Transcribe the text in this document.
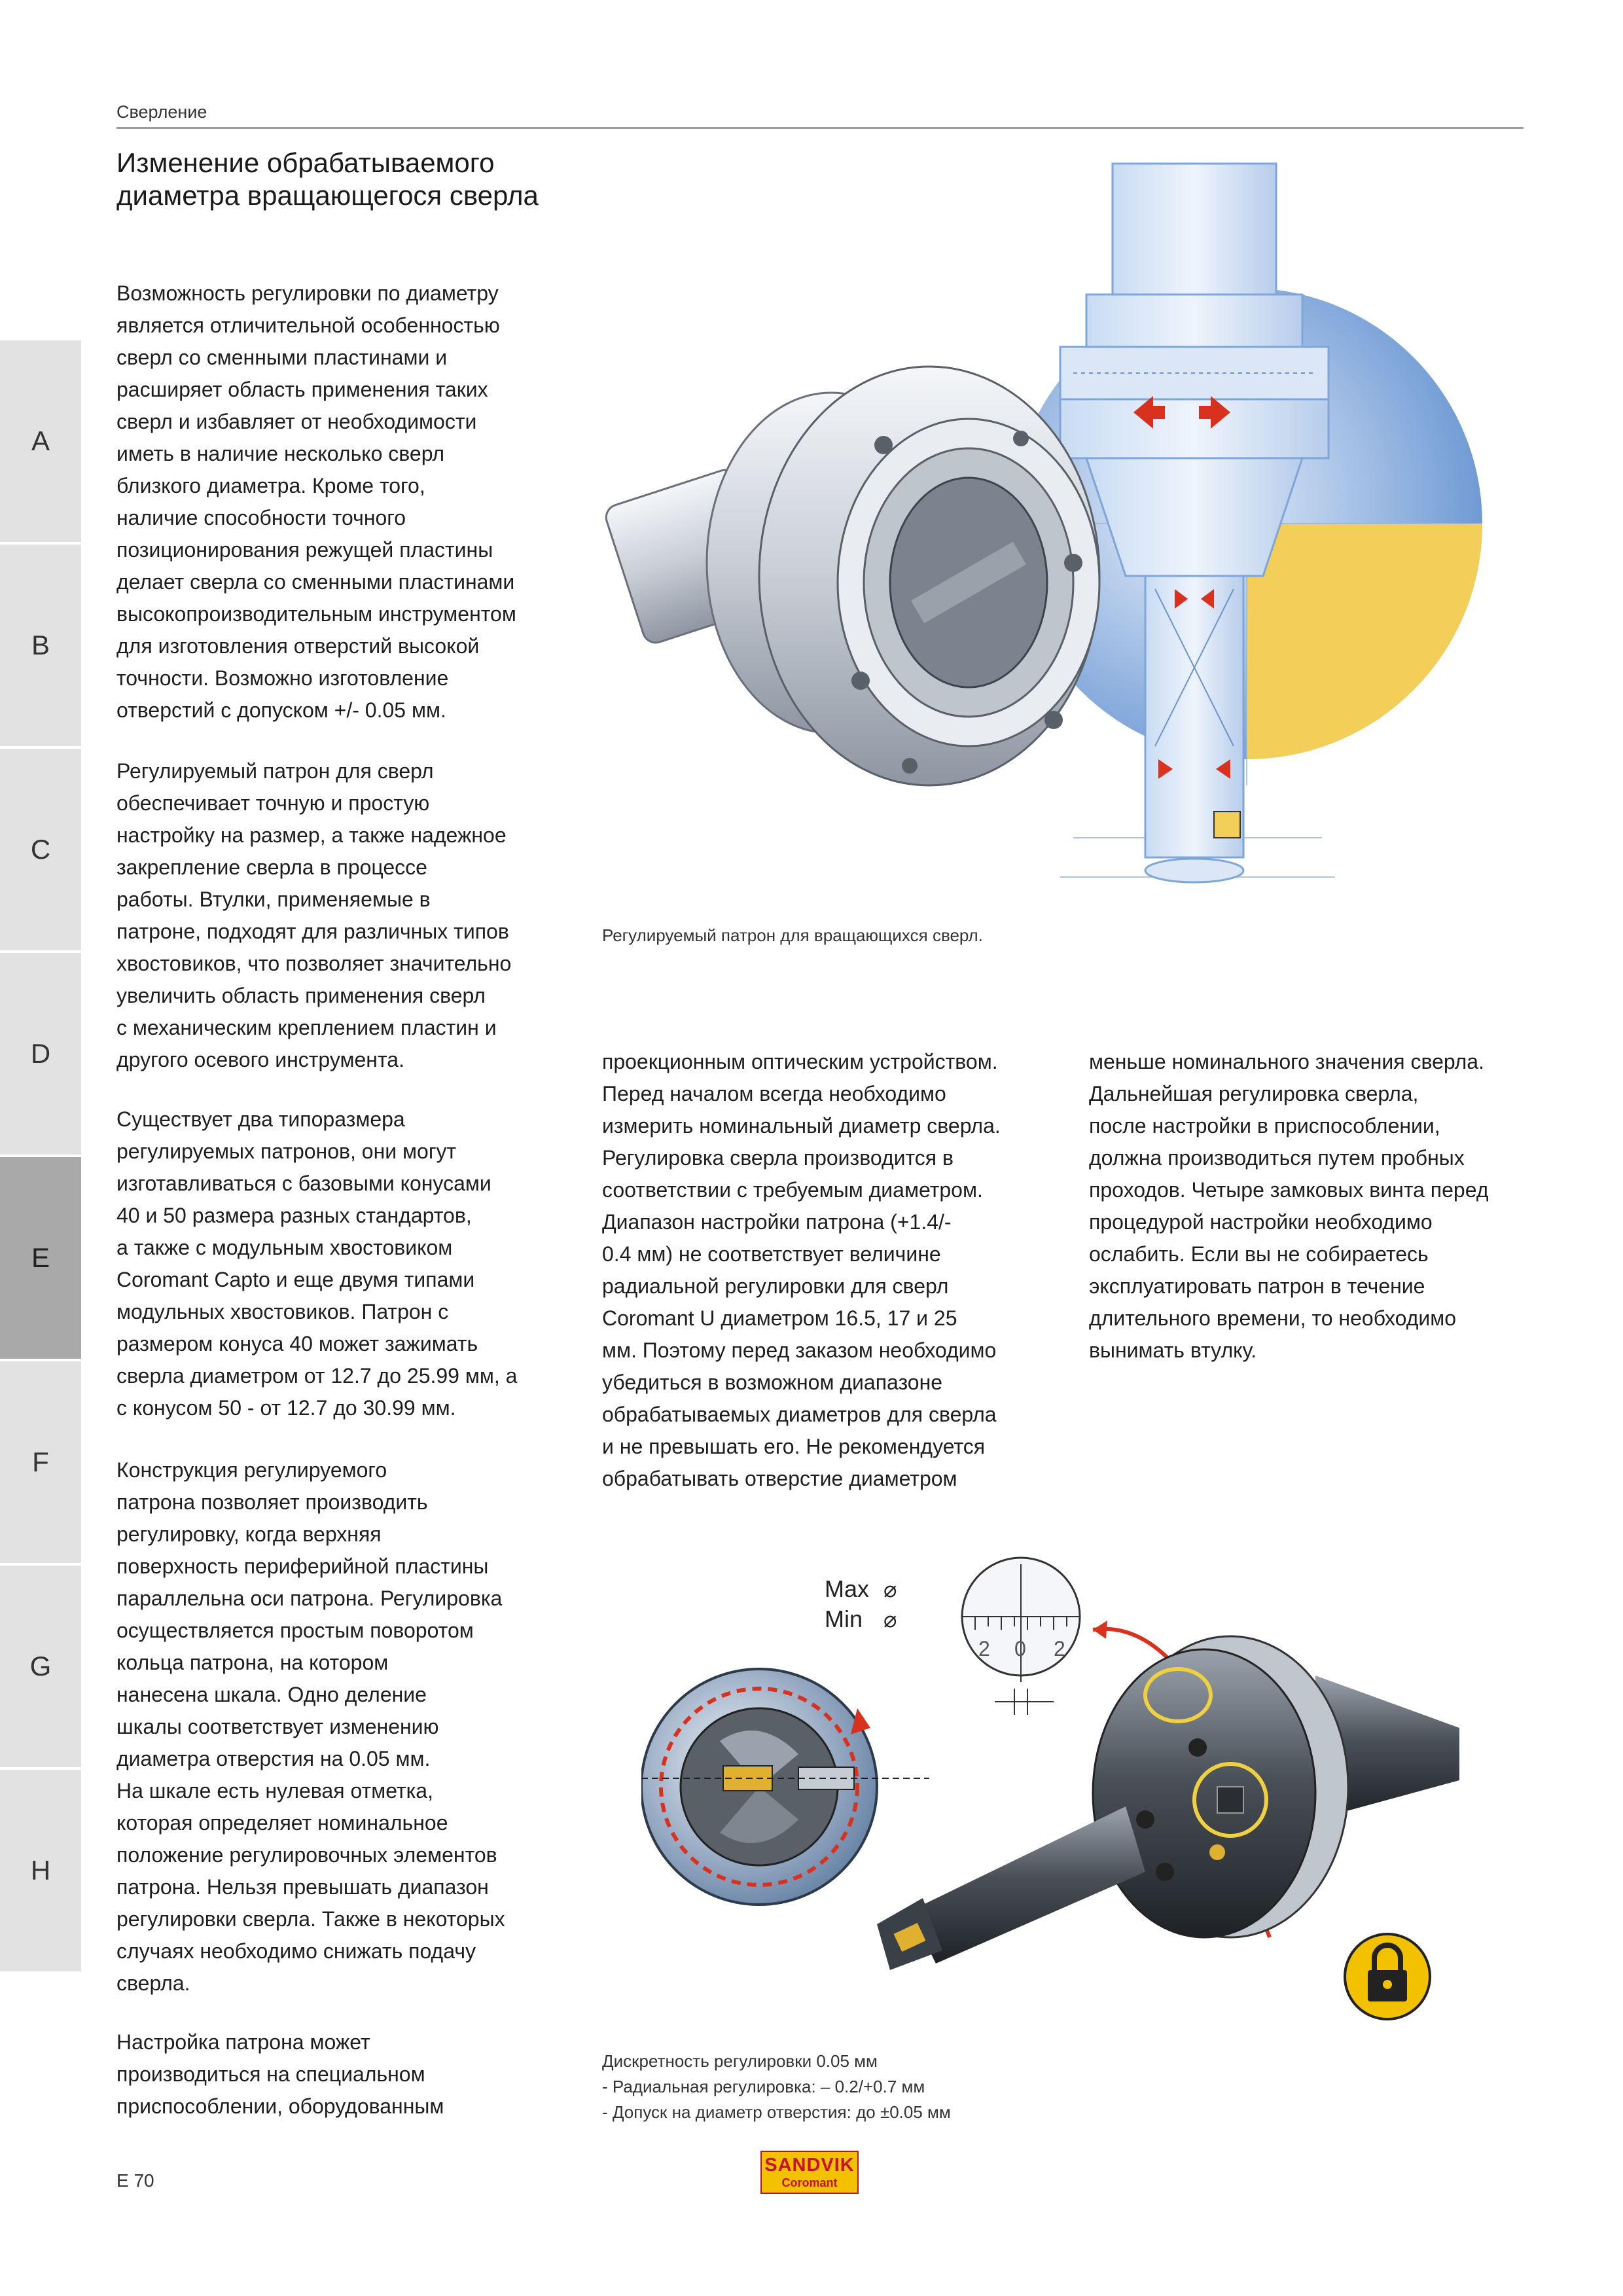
Сверление
Изменение обрабатываемого диаметра вращающегося сверла
A
B
C
D
E
F
G
H

Возможность регулировки по диаметру
является отличительной особенностью
сверл со сменными пластинами и
расширяет область применения таких
сверл и избавляет от необходимости
иметь в наличие несколько сверл
близкого диаметра. Кроме того,
наличие способности точного
позиционирования режущей пластины
делает сверла со сменными пластинами
высокопроизводительным инструментом
для изготовления отверстий высокой
точности. Возможно изготовление
отверстий с допуском +/- 0.05 мм.

Регулируемый патрон для сверл
обеспечивает точную и простую
настройку на размер, а также надежное
закрепление сверла в процессе
работы. Втулки, применяемые в
патроне, подходят для различных типов
хвостовиков, что позволяет значительно
увеличить область применения сверл
с механическим креплением пластин и
другого осевого инструмента.

Существует два типоразмера
регулируемых патронов, они могут
изготавливаться с базовыми конусами
40 и 50 размера разных стандартов,
а также с модульным хвостовиком
Coromant Capto и еще двумя типами
модульных хвостовиков. Патрон с
размером конуса 40 может зажимать
сверла диаметром от 12.7 до 25.99 мм, а
с конусом 50 - от 12.7 до 30.99 мм.

Конструкция регулируемого
патрона позволяет производить
регулировку, когда верхняя
поверхность периферийной пластины
параллельна оси патрона. Регулировка
осуществляется простым поворотом
кольца патрона, на котором
нанесена шкала. Одно деление
шкалы соответствует изменению
диаметра отверстия на 0.05 мм.
На шкале есть нулевая отметка,
которая определяет номинальное
положение регулировочных элементов
патрона. Нельзя превышать диапазон
регулировки сверла. Также в некоторых
случаях необходимо снижать подачу
сверла.

Настройка патрона может
производиться на специальном
приспособлении, оборудованным

Регулируемый патрон для вращающихся сверл.

проекционным оптическим устройством.
Перед началом всегда необходимо
измерить номинальный диаметр сверла.
Регулировка сверла производится в
соответствии с требуемым диаметром.
Диапазон настройки патрона (+1.4/-
0.4 мм) не соответствует величине
радиальной регулировки для сверл
Coromant U диаметром 16.5, 17 и 25
мм. Поэтому перед заказом необходимо
убедиться в возможном диапазоне
обрабатываемых диаметров для сверла
и не превышать его. Не рекомендуется
обрабатывать отверстие диаметром

меньше номинального значения сверла.
Дальнейшая регулировка сверла,
после настройки в приспособлении,
должна производиться путем пробных
проходов. Четыре замковых винта перед
процедурой настройки необходимо
ослабить. Если вы не собираетесь
эксплуатировать патрон в течение
длительного времени, то необходимо
вынимать втулку.

Max
Min
⌀
⌀
2 0 2
Дискретность регулировки 0.05 мм
- Радиальная регулировка: – 0.2/+0.7 мм
- Допуск на диаметр отверстия: до ±0.05 мм
E 70
SANDVIK
Coromant
